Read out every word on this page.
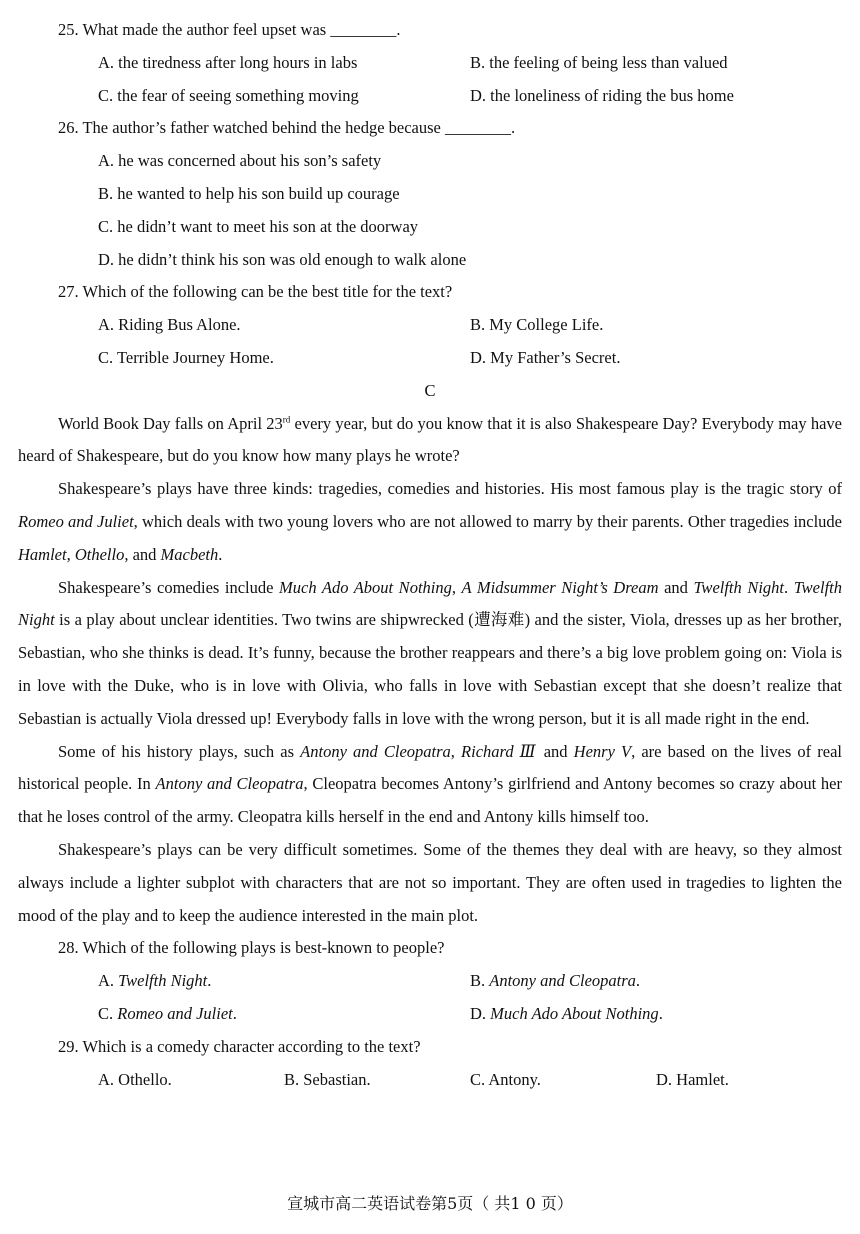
25. What made the author feel upset was ________.

A. the tiredness after long hours in labs	B. the feeling of being less than valued
C. the fear of seeing something moving	D. the loneliness of riding the bus home

26. The author’s father watched behind the hedge because ________.

A. he was concerned about his son’s safety
B. he wanted to help his son build up courage
C. he didn’t want to meet his son at the doorway
D. he didn’t think his son was old enough to walk alone

27. Which of the following can be the best title for the text?

A. Riding Bus Alone.	B. My College Life.
C. Terrible Journey Home.	D. My Father’s Secret.

C

World Book Day falls on April 23rd every year, but do you know that it is also Shakespeare Day? Everybody may have heard of Shakespeare, but do you know how many plays he wrote?

Shakespeare’s plays have three kinds: tragedies, comedies and histories. His most famous play is the tragic story of Romeo and Juliet, which deals with two young lovers who are not allowed to marry by their parents. Other tragedies include Hamlet, Othello, and Macbeth.

Shakespeare’s comedies include Much Ado About Nothing, A Midsummer Night’s Dream and Twelfth Night. Twelfth Night is a play about unclear identities. Two twins are shipwrecked (遭海难) and the sister, Viola, dresses up as her brother, Sebastian, who she thinks is dead. It’s funny, because the brother reappears and there’s a big love problem going on: Viola is in love with the Duke, who is in love with Olivia, who falls in love with Sebastian except that she doesn’t realize that Sebastian is actually Viola dressed up! Everybody falls in love with the wrong person, but it is all made right in the end.

Some of his history plays, such as Antony and Cleopatra, Richard Ⅲ and Henry V, are based on the lives of real historical people. In Antony and Cleopatra, Cleopatra becomes Antony’s girlfriend and Antony becomes so crazy about her that he loses control of the army. Cleopatra kills herself in the end and Antony kills himself too.

Shakespeare’s plays can be very difficult sometimes. Some of the themes they deal with are heavy, so they almost always include a lighter subplot with characters that are not so important. They are often used in tragedies to lighten the mood of the play and to keep the audience interested in the main plot.

28. Which of the following plays is best-known to people?

A. Twelfth Night.	B. Antony and Cleopatra.
C. Romeo and Juliet.	D. Much Ado About Nothing.

29. Which is a comedy character according to the text?

A. Othello.	B. Sebastian.	C. Antony.	D. Hamlet.
宣城市高二英语试卷第5页（ 共1 0 页）
